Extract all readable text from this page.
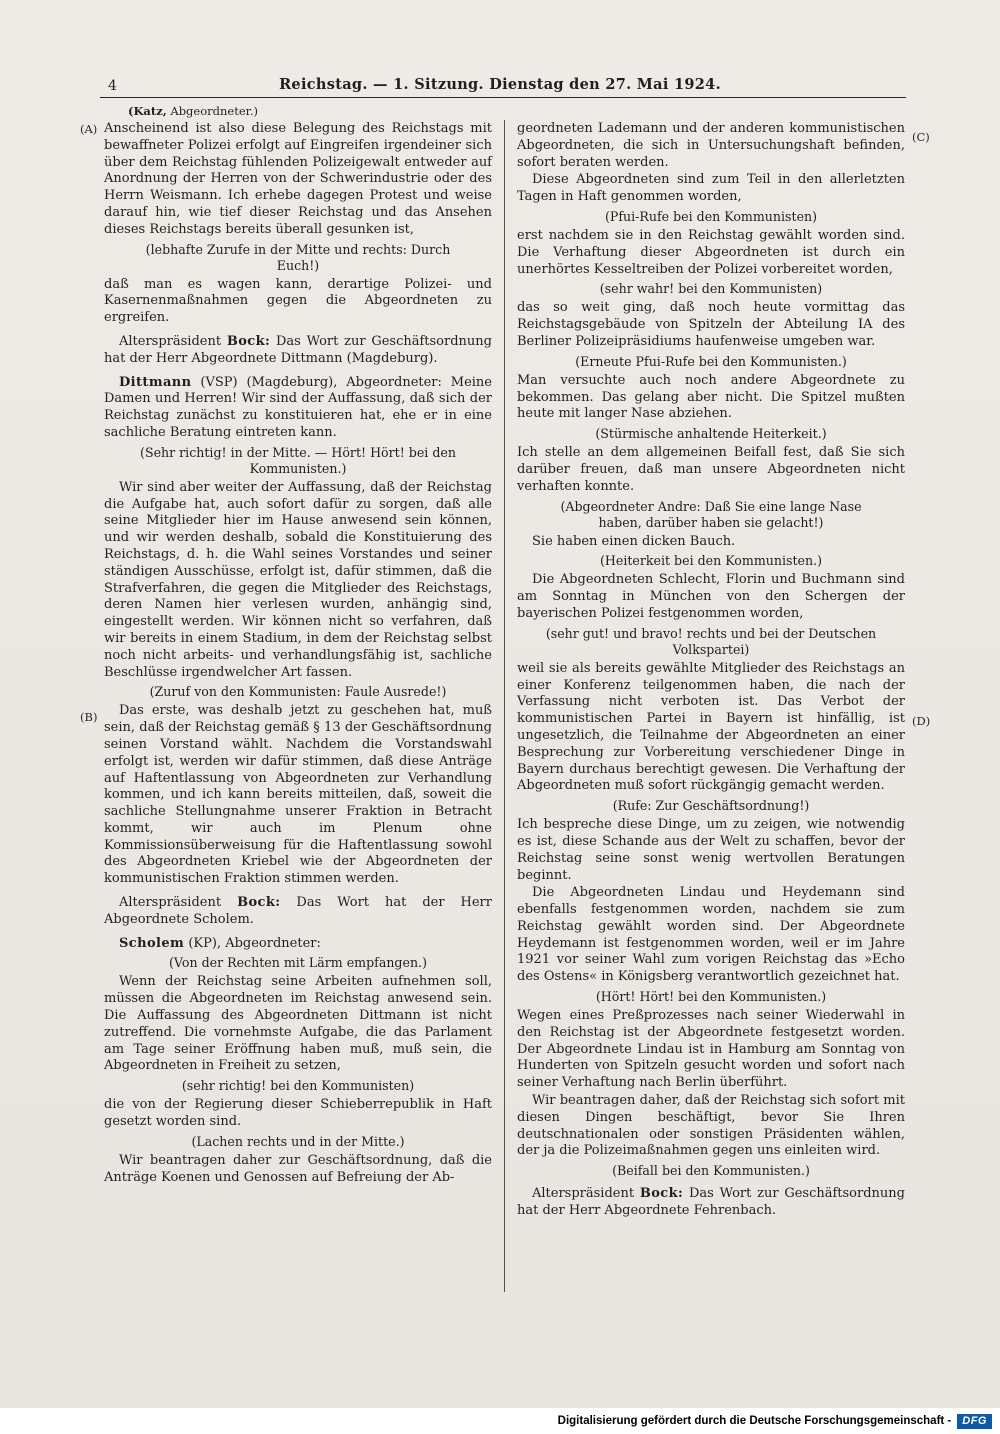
4	Reichstag. — 1. Sitzung. Dienstag den 27. Mai 1924.
(Katz, Abgeordneter.)
(A)
(B)
(C)
(D)

Anscheinend ist also diese Belegung des Reichstags mit bewaffneter Polizei erfolgt auf Eingreifen irgendeiner sich über dem Reichstag fühlenden Polizeigewalt entweder auf Anordnung der Herren von der Schwerindustrie oder des Herrn Weismann. Ich erhebe dagegen Protest und weise darauf hin, wie tief dieser Reichstag und das Ansehen dieses Reichstags bereits überall gesunken ist,

(lebhafte Zurufe in der Mitte und rechts: Durch Euch!)

daß man es wagen kann, derartige Polizei- und Kasernenmaßnahmen gegen die Abgeordneten zu ergreifen.

Alterspräsident Bock: Das Wort zur Geschäftsordnung hat der Herr Abgeordnete Dittmann (Magdeburg).

Dittmann (VSP) (Magdeburg), Abgeordneter: Meine Damen und Herren! Wir sind der Auffassung, daß sich der Reichstag zunächst zu konstituieren hat, ehe er in eine sachliche Beratung eintreten kann.

(Sehr richtig! in der Mitte. — Hört! Hört! bei den Kommunisten.)

Wir sind aber weiter der Auffassung, daß der Reichstag die Aufgabe hat, auch sofort dafür zu sorgen, daß alle seine Mitglieder hier im Hause anwesend sein können, und wir werden deshalb, sobald die Konstituierung des Reichstags, d. h. die Wahl seines Vorstandes und seiner ständigen Ausschüsse, erfolgt ist, dafür stimmen, daß die Strafverfahren, die gegen die Mitglieder des Reichstags, deren Namen hier verlesen wurden, anhängig sind, eingestellt werden. Wir können nicht so verfahren, daß wir bereits in einem Stadium, in dem der Reichstag selbst noch nicht arbeits- und verhandlungsfähig ist, sachliche Beschlüsse irgendwelcher Art fassen.

(Zuruf von den Kommunisten: Faule Ausrede!)

Das erste, was deshalb jetzt zu geschehen hat, muß sein, daß der Reichstag gemäß § 13 der Geschäftsordnung seinen Vorstand wählt. Nachdem die Vorstandswahl erfolgt ist, werden wir dafür stimmen, daß diese Anträge auf Haftentlassung von Abgeordneten zur Verhandlung kommen, und ich kann bereits mitteilen, daß, soweit die sachliche Stellungnahme unserer Fraktion in Betracht kommt, wir auch im Plenum ohne Kommissionsüberweisung für die Haftentlassung sowohl des Abgeordneten Kriebel wie der Abgeordneten der kommunistischen Fraktion stimmen werden.

Alterspräsident Bock: Das Wort hat der Herr Abgeordnete Scholem.

Scholem (KP), Abgeordneter:

(Von der Rechten mit Lärm empfangen.)

Wenn der Reichstag seine Arbeiten aufnehmen soll, müssen die Abgeordneten im Reichstag anwesend sein. Die Auffassung des Abgeordneten Dittmann ist nicht zutreffend. Die vornehmste Aufgabe, die das Parlament am Tage seiner Eröffnung haben muß, muß sein, die Abgeordneten in Freiheit zu setzen,

(sehr richtig! bei den Kommunisten)

die von der Regierung dieser Schieberrepublik in Haft gesetzt worden sind.

(Lachen rechts und in der Mitte.)

Wir beantragen daher zur Geschäftsordnung, daß die Anträge Koenen und Genossen auf Befreiung der Ab-

geordneten Lademann und der anderen kommunistischen Abgeordneten, die sich in Untersuchungshaft befinden, sofort beraten werden.

Diese Abgeordneten sind zum Teil in den allerletzten Tagen in Haft genommen worden,

(Pfui-Rufe bei den Kommunisten)

erst nachdem sie in den Reichstag gewählt worden sind. Die Verhaftung dieser Abgeordneten ist durch ein unerhörtes Kesseltreiben der Polizei vorbereitet worden,

(sehr wahr! bei den Kommunisten)

das so weit ging, daß noch heute vormittag das Reichstagsgebäude von Spitzeln der Abteilung IA des Berliner Polizeipräsidiums haufenweise umgeben war.

(Erneute Pfui-Rufe bei den Kommunisten.)

Man versuchte auch noch andere Abgeordnete zu bekommen. Das gelang aber nicht. Die Spitzel mußten heute mit langer Nase abziehen.

(Stürmische anhaltende Heiterkeit.)

Ich stelle an dem allgemeinen Beifall fest, daß Sie sich darüber freuen, daß man unsere Abgeordneten nicht verhaften konnte.

(Abgeordneter Andre: Daß Sie eine lange Nase haben, darüber haben sie gelacht!)

Sie haben einen dicken Bauch.

(Heiterkeit bei den Kommunisten.)

Die Abgeordneten Schlecht, Florin und Buchmann sind am Sonntag in München von den Schergen der bayerischen Polizei festgenommen worden,

(sehr gut! und bravo! rechts und bei der Deutschen Volkspartei)

weil sie als bereits gewählte Mitglieder des Reichstags an einer Konferenz teilgenommen haben, die nach der Verfassung nicht verboten ist. Das Verbot der kommunistischen Partei in Bayern ist hinfällig, ist ungesetzlich, die Teilnahme der Abgeordneten an einer Besprechung zur Vorbereitung verschiedener Dinge in Bayern durchaus berechtigt gewesen. Die Verhaftung der Abgeordneten muß sofort rückgängig gemacht werden.

(Rufe: Zur Geschäftsordnung!)

Ich bespreche diese Dinge, um zu zeigen, wie notwendig es ist, diese Schande aus der Welt zu schaffen, bevor der Reichstag seine sonst wenig wertvollen Beratungen beginnt.

Die Abgeordneten Lindau und Heydemann sind ebenfalls festgenommen worden, nachdem sie zum Reichstag gewählt worden sind. Der Abgeordnete Heydemann ist festgenommen worden, weil er im Jahre 1921 vor seiner Wahl zum vorigen Reichstag das »Echo des Ostens« in Königsberg verantwortlich gezeichnet hat.

(Hört! Hört! bei den Kommunisten.)

Wegen eines Preßprozesses nach seiner Wiederwahl in den Reichstag ist der Abgeordnete festgesetzt worden. Der Abgeordnete Lindau ist in Hamburg am Sonntag von Hunderten von Spitzeln gesucht worden und sofort nach seiner Verhaftung nach Berlin überführt.

Wir beantragen daher, daß der Reichstag sich sofort mit diesen Dingen beschäftigt, bevor Sie Ihren deutschnationalen oder sonstigen Präsidenten wählen, der ja die Polizeimaßnahmen gegen uns einleiten wird.

(Beifall bei den Kommunisten.)

Alterspräsident Bock: Das Wort zur Geschäftsordnung hat der Herr Abgeordnete Fehrenbach.

Digitalisierung gefördert durch die Deutsche Forschungsgemeinschaft -	DFG
